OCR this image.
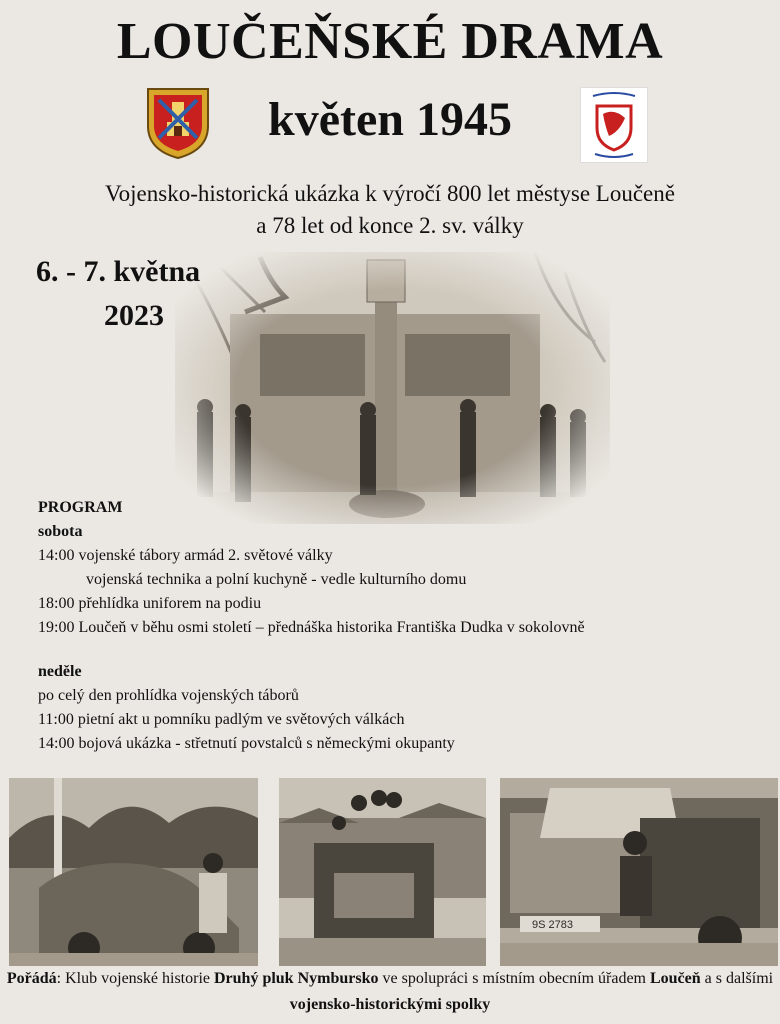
LOUČEŇSKÉ DRAMA
květen 1945
Vojensko-historická ukázka k výročí 800 let městyse Loučeně
a 78 let od konce 2. sv. války
6. - 7. května
2023
PROGRAM
sobota
14:00 vojenské tábory armád 2. světové války
vojenská technika a polní kuchyně - vedle kulturního domu
18:00 přehlídka uniforem na podiu
19:00 Loučeň v běhu osmi století – přednáška historika Františka Dudka v sokolovně
neděle
po celý den prohlídka vojenských táborů
11:00 pietní akt u pomníku padlým ve světových válkách
14:00 bojová ukázka - střetnutí povstalců s německými okupanty
9S 2783
Pořádá: Klub vojenské historie Druhý pluk Nymbursko ve spolupráci s místním obecním úřadem Loučeň a s dalšími vojensko-historickými spolky
